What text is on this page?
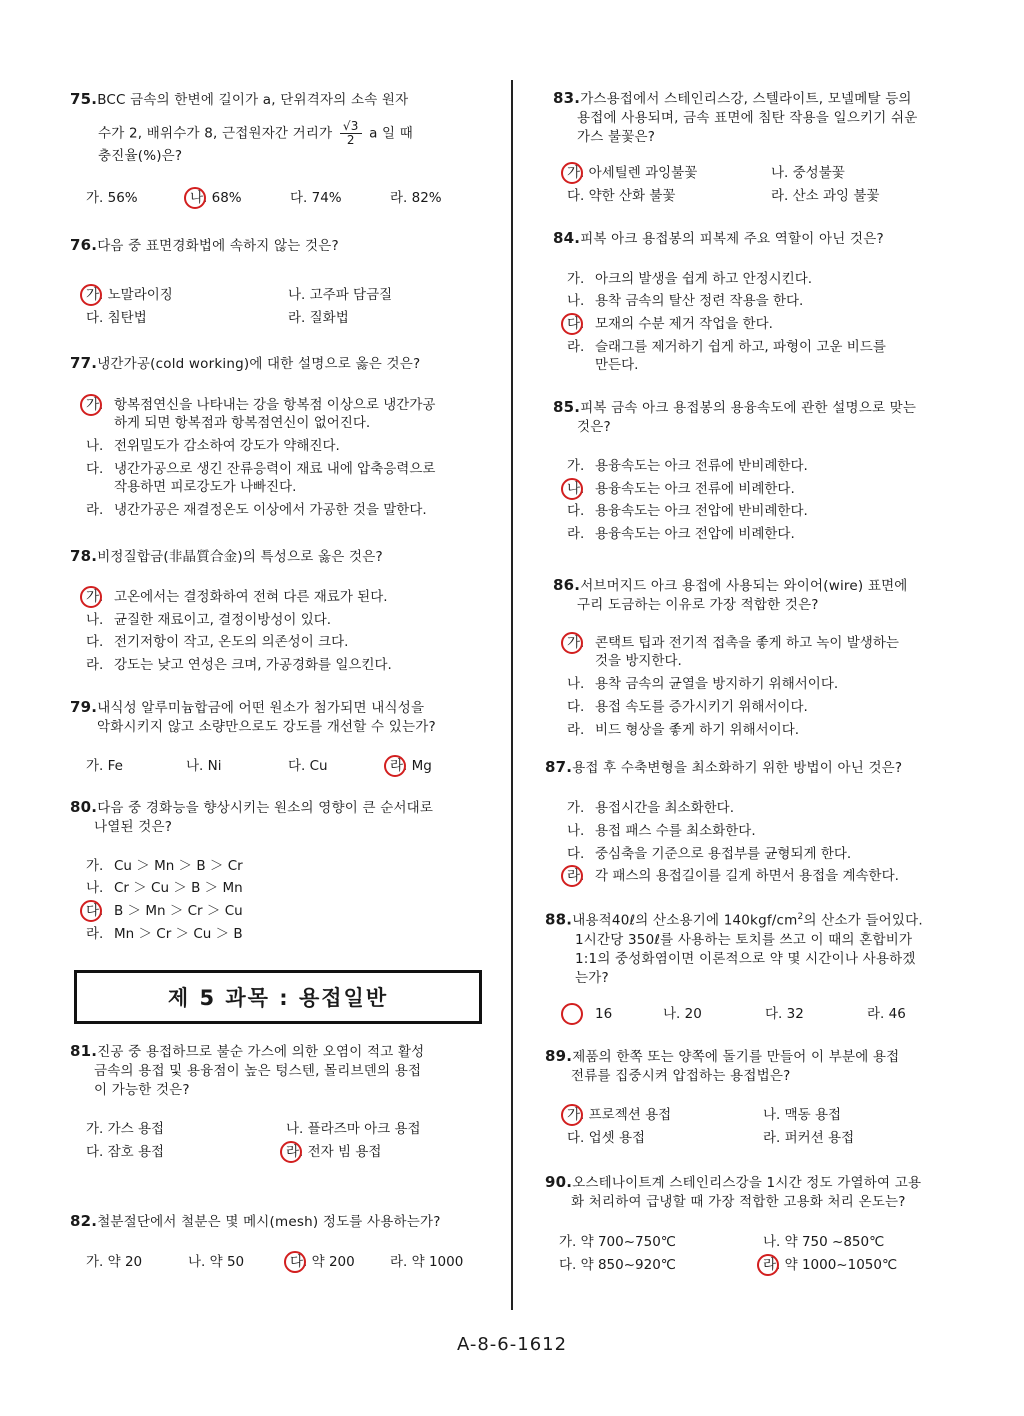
75.BCC 금속의 한변에 길이가 a, 단위격자의 소속 원자
수가 2, 배위수가 8, 근접원자간 거리가 $\frac{√3}{2}$ a 일 때
충진율(%)은?
가. 56%	나. 68%	다. 74%	라. 82%
76.다음 중 표면경화법에 속하지 않는 것은?
가. 노말라이징	나. 고주파 담금질
다. 침탄법	라. 질화법
77.냉간가공(cold working)에 대한 설명으로 옳은 것은?
가. 항복점연신을 나타내는 강을 항복점 이상으로 냉간가공
하게 되면 항복점과 항복점연신이 없어진다.
나. 전위밀도가 감소하여 강도가 약해진다.
다. 냉간가공으로 생긴 잔류응력이 재료 내에 압축응력으로
작용하면 피로강도가 나빠진다.
라. 냉간가공은 재결정온도 이상에서 가공한 것을 말한다.
78.비정질합금(非晶質合金)의 특성으로 옳은 것은?
가. 고온에서는 결정화하여 전혀 다른 재료가 된다.
나. 균질한 재료이고, 결정이방성이 있다.
다. 전기저항이 작고, 온도의 의존성이 크다.
라. 강도는 낮고 연성은 크며, 가공경화를 일으킨다.
79.내식성 알루미늄합금에 어떤 원소가 첨가되면 내식성을
악화시키지 않고 소량만으로도 강도를 개선할 수 있는가?
가. Fe	나. Ni	다. Cu	라. Mg
80.다음 중 경화능을 향상시키는 원소의 영향이 큰 순서대로
나열된 것은?
가. Cu ＞ Mn ＞ B ＞ Cr
나. Cr ＞ Cu ＞ B ＞ Mn
다. B ＞ Mn ＞ Cr ＞ Cu
라. Mn ＞ Cr ＞ Cu ＞ B
제 5 과목 : 용접일반
81.진공 중 용접하므로 불순 가스에 의한 오염이 적고 활성
금속의 용접 및 용융점이 높은 텅스텐, 몰리브덴의 용접
이 가능한 것은?
가. 가스 용접	나. 플라즈마 아크 용접
다. 잠호 용접	라. 전자 빔 용접
82.철분절단에서 철분은 몇 메시(mesh) 정도를 사용하는가?
가. 약 20	나. 약 50	다. 약 200	라. 약 1000
83.가스용접에서 스테인리스강, 스텔라이트, 모넬메탈 등의
용접에 사용되며, 금속 표면에 침탄 작용을 일으키기 쉬운
가스 불꽃은?
가. 아세틸렌 과잉불꽃	나. 중성불꽃
다. 약한 산화 불꽃	라. 산소 과잉 불꽃
84.피복 아크 용접봉의 피복제 주요 역할이 아닌 것은?
가. 아크의 발생을 쉽게 하고 안정시킨다.
나. 용착 금속의 탈산 정련 작용을 한다.
다. 모재의 수분 제거 작업을 한다.
라. 슬래그를 제거하기 쉽게 하고, 파형이 고운 비드를
만든다.
85.피복 금속 아크 용접봉의 용융속도에 관한 설명으로 맞는
것은?
가. 용융속도는 아크 전류에 반비례한다.
나. 용융속도는 아크 전류에 비례한다.
다. 용융속도는 아크 전압에 반비례한다.
라. 용융속도는 아크 전압에 비례한다.
86.서브머지드 아크 용접에 사용되는 와이어(wire) 표면에
구리 도금하는 이유로 가장 적합한 것은?
가. 콘택트 팁과 전기적 접촉을 좋게 하고 녹이 발생하는
것을 방지한다.
나. 용착 금속의 균열을 방지하기 위해서이다.
다. 용접 속도를 증가시키기 위해서이다.
라. 비드 형상을 좋게 하기 위해서이다.
87.용접 후 수축변형을 최소화하기 위한 방법이 아닌 것은?
가. 용접시간을 최소화한다.
나. 용접 패스 수를 최소화한다.
다. 중심축을 기준으로 용접부를 균형되게 한다.
라. 각 패스의 용접길이를 길게 하면서 용접을 계속한다.
88.내용적40ℓ의 산소용기에 $140kgf/cm^2$의 산소가 들어있다.
1시간당 350ℓ를 사용하는 토치를 쓰고 이 때의 혼합비가
1:1의 중성화염이면 이론적으로 약 몇 시간이나 사용하겠
는가?
16	나. 20	다. 32	라. 46
89.제품의 한쪽 또는 양쪽에 돌기를 만들어 이 부분에 용접
전류를 집중시켜 압접하는 용접법은?
가. 프로젝션 용접	나. 맥동 용접
다. 업셋 용접	라. 퍼커션 용접
90.오스테나이트계 스테인리스강을 1시간 정도 가열하여 고용
화 처리하여 급냉할 때 가장 적합한 고용화 처리 온도는?
가. 약 700~750℃	나. 약 750 ~850℃
다. 약 850~920℃	라. 약 1000~1050℃
A-8-6-1612
